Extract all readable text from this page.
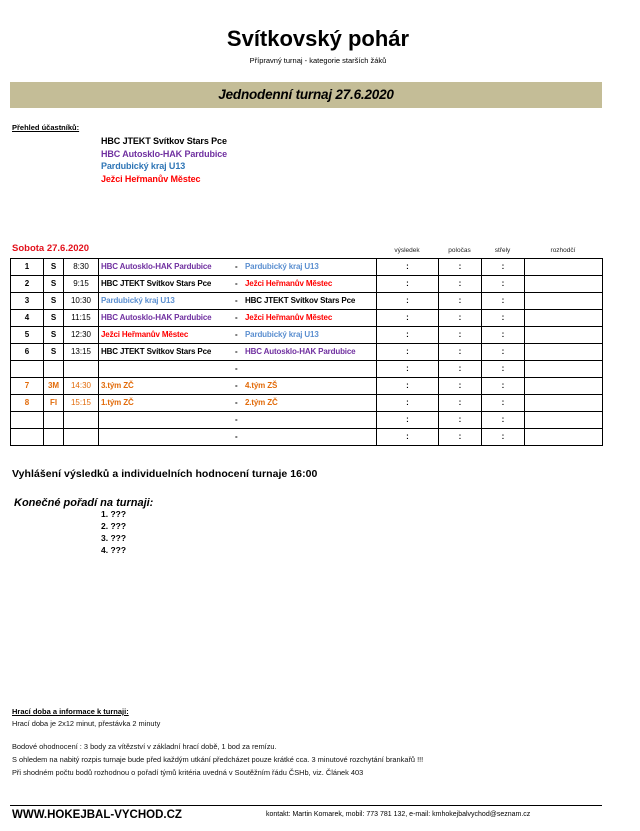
Svítkovský pohár
Přípravný turnaj - kategorie starších žáků
Jednodenní turnaj 27.6.2020
Přehled účastníků:
HBC JTEKT Svítkov Stars Pce
HBC Autosklo-HAK Pardubice
Pardubický kraj U13
Ježci Heřmanův Městec
Sobota 27.6.2020	výsledek	poločas	střely	rozhodčí
1	S	8:30	HBC Autosklo-HAK Pardubice - Pardubický kraj U13	:	:	:	
2	S	9:15	HBC JTEKT Svítkov Stars Pce - Ježci Heřmanův Městec	:	:	:	
3	S	10:30	Pardubický kraj U13 - HBC JTEKT Svítkov Stars Pce	:	:	:	
4	S	11:15	HBC Autosklo-HAK Pardubice - Ježci Heřmanův Městec	:	:	:	
5	S	12:30	Ježci Heřmanův Městec - Pardubický kraj U13	:	:	:	
6	S	13:15	HBC JTEKT Svítkov Stars Pce - HBC Autosklo-HAK Pardubice	:	:	:	

			-	:	:	:	
7	3M	14:30	3.tým ZČ - 4.tým ZŠ	:	:	:	
8	FI	15:15	1.tým ZČ - 2.tým ZČ	:	:	:	

			-	:	:	:	

			-	:	:	:	
Vyhlášení výsledků a individuelních hodnocení turnaje 16:00
Konečné pořadí na turnaji:
1. ???
2. ???
3. ???
4. ???
Hrací doba a informace k turnaji:
Hrací doba je 2x12 minut, přestávka 2 minuty
Bodové ohodnocení : 3 body za vítězství v základní hrací době, 1 bod za remízu.
S ohledem na nabitý rozpis turnaje bude před každým utkání předcházet pouze krátké cca. 3 minutové rozchytání brankařů !!!
Při shodném počtu bodů rozhodnou o pořadí týmů kritéria uvedná v Soutěžním řádu ČSHb, viz. Článek 403
WWW.HOKEJBAL-VYCHOD.CZ	kontakt: Martin Komarek, mobil: 773 781 132, e-mail: kmhokejbalvychod@seznam.cz
